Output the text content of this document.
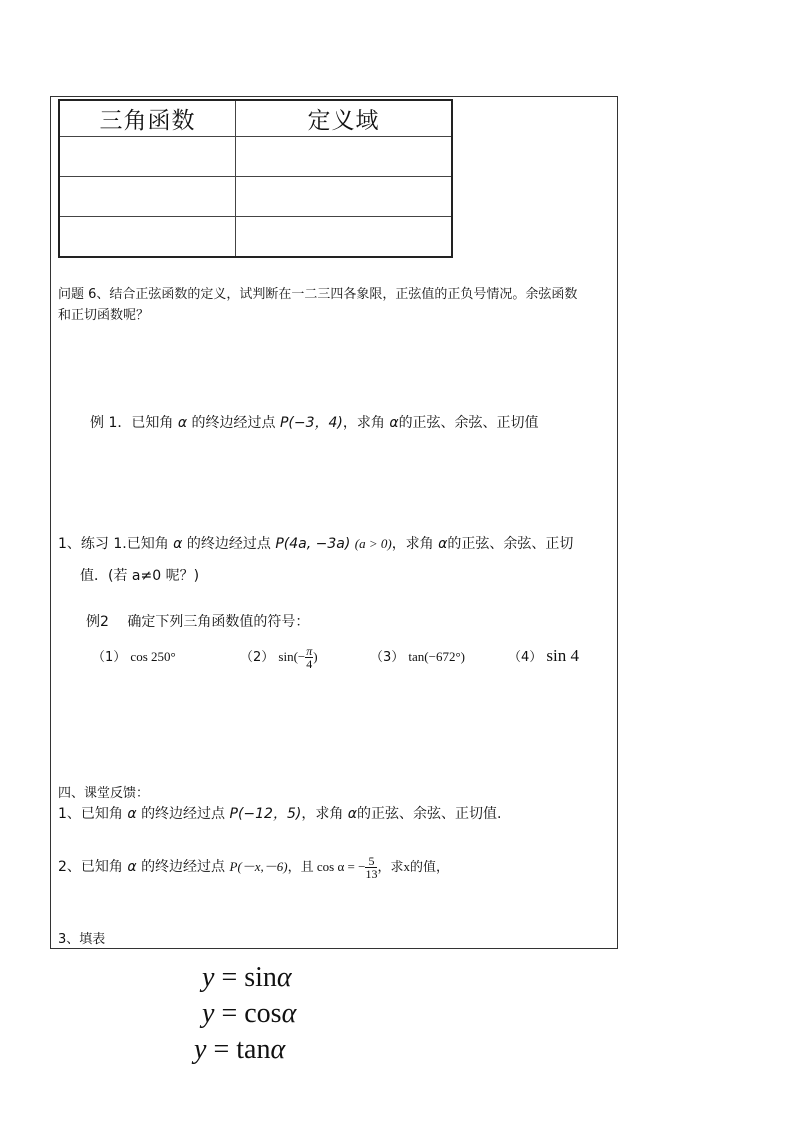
三角函数	定义域

问题 6、结合正弦函数的定义，试判断在一二三四各象限，正弦值的正负号情况。余弦函数
和正切函数呢？
例 1．已知角 α 的终边经过点 P(−3，4)，求角 α的正弦、余弦、正切值
1、练习 1.已知角 α 的终边经过点 P(4a, −3a) (a > 0)，求角 α的正弦、余弦、正切
值．(若 a≠0 呢？)
例2　 确定下列三角函数值的符号：
（1） cos 250°	（2） $\sin(- \frac{\pi}{4}$ )	（3） tan(−672°)	（4） sin 4
四、课堂反馈：
1、已知角 α 的终边经过点 P(−12，5)，求角 α的正弦、余弦、正切值.
2、已知角 α 的终边经过点 P(－x,－6)，且 cos α = − $\frac{5}{13}$ ，求x的值，
3、填表
y = sinα
y = cosα
y = tanα
